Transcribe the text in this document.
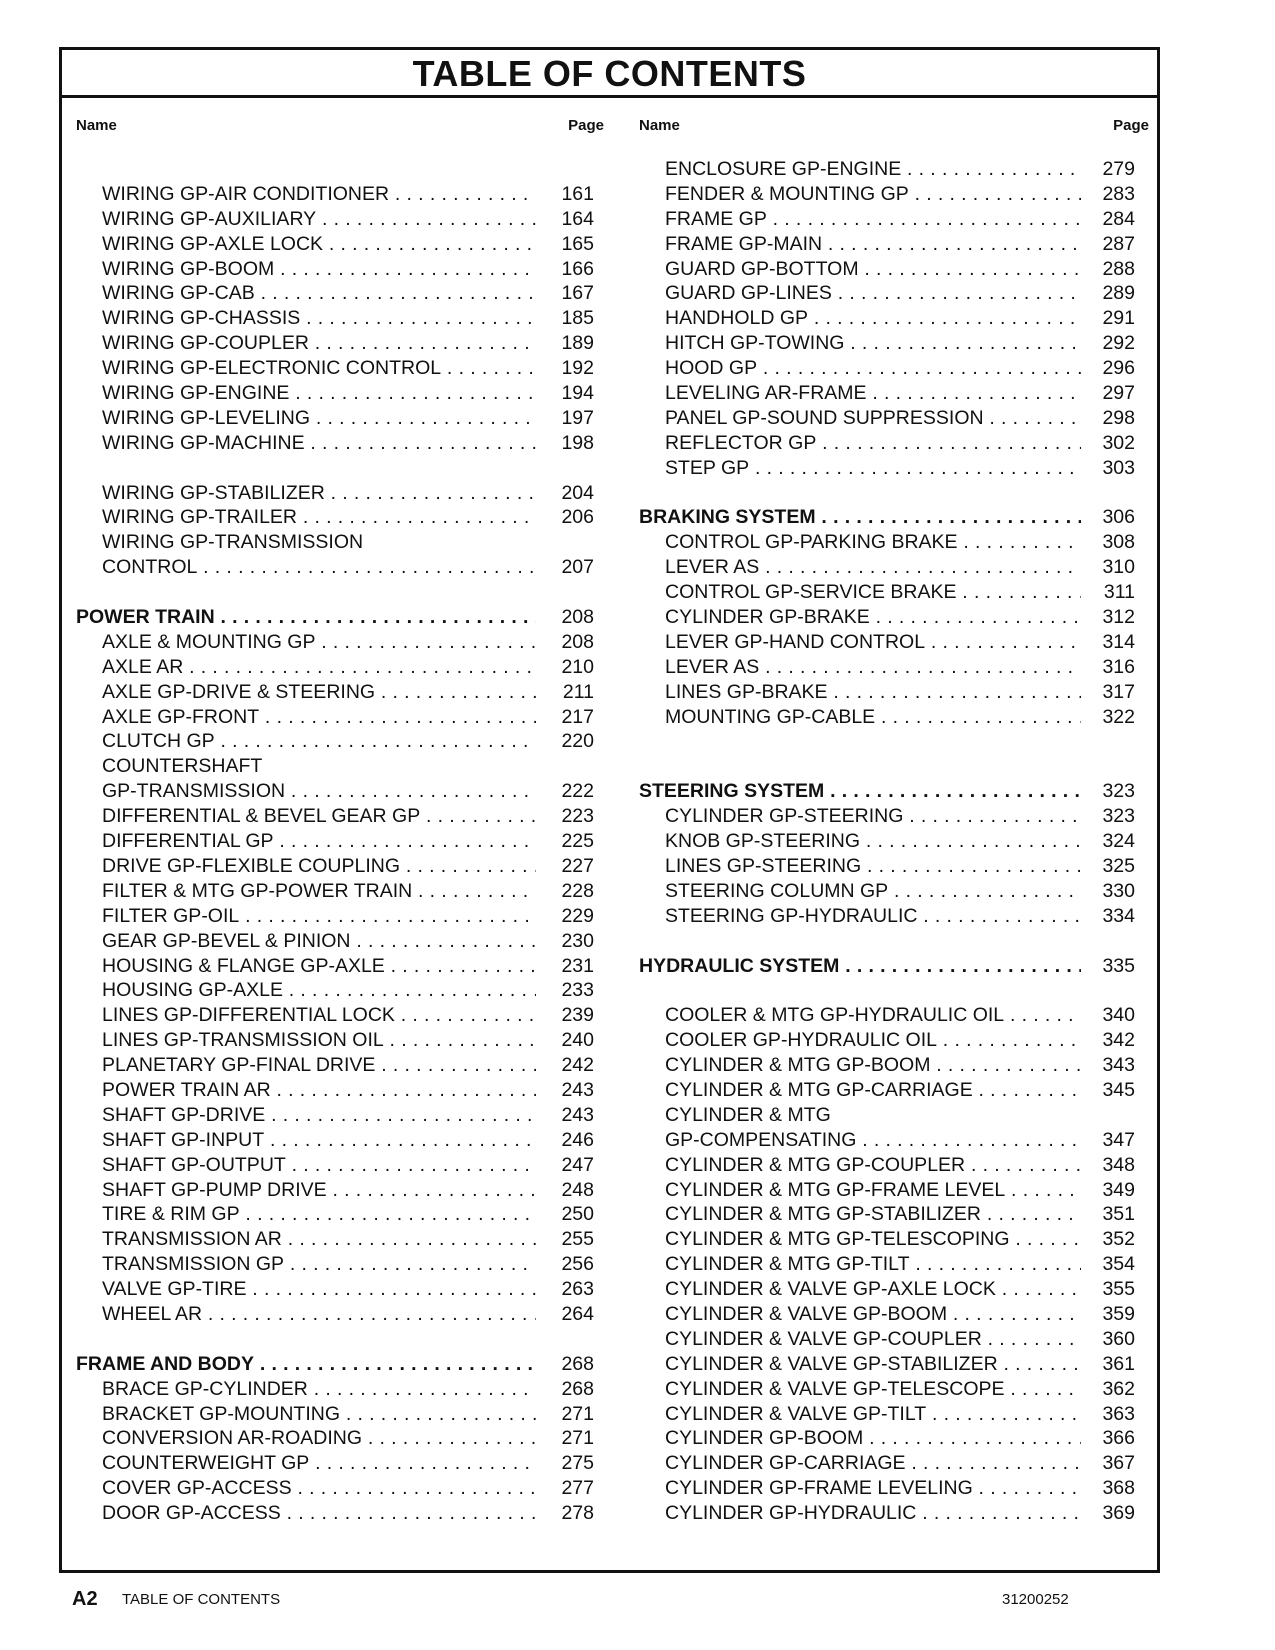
TABLE OF CONTENTS
Name	Page
WIRING GP-AIR CONDITIONER . . .	161
WIRING GP-AUXILIARY . . .	164
WIRING GP-AXLE LOCK . . .	165
WIRING GP-BOOM . . .	166
WIRING GP-CAB . . .	167
WIRING GP-CHASSIS . . .	185
WIRING GP-COUPLER . . .	189
WIRING GP-ELECTRONIC CONTROL . . .	192
WIRING GP-ENGINE . . .	194
WIRING GP-LEVELING . . .	197
WIRING GP-MACHINE . . .	198
WIRING GP-STABILIZER . . .	204
WIRING GP-TRAILER . . .	206
WIRING GP-TRANSMISSION
CONTROL . . .	207
POWER TRAIN . . .	208
AXLE & MOUNTING GP . . .	208
AXLE AR . . .	210
AXLE GP-DRIVE & STEERING . . .	211
AXLE GP-FRONT . . .	217
CLUTCH GP . . .	220
COUNTERSHAFT
GP-TRANSMISSION . . .	222
DIFFERENTIAL & BEVEL GEAR GP . . .	223
DIFFERENTIAL GP . . .	225
DRIVE GP-FLEXIBLE COUPLING . . .	227
FILTER & MTG GP-POWER TRAIN . . .	228
FILTER GP-OIL . . .	229
GEAR GP-BEVEL & PINION . . .	230
HOUSING & FLANGE GP-AXLE . . .	231
HOUSING GP-AXLE . . .	233
LINES GP-DIFFERENTIAL LOCK . . .	239
LINES GP-TRANSMISSION OIL . . .	240
PLANETARY GP-FINAL DRIVE . . .	242
POWER TRAIN AR . . .	243
SHAFT GP-DRIVE . . .	243
SHAFT GP-INPUT . . .	246
SHAFT GP-OUTPUT . . .	247
SHAFT GP-PUMP DRIVE . . .	248
TIRE & RIM GP . . .	250
TRANSMISSION AR . . .	255
TRANSMISSION GP . . .	256
VALVE GP-TIRE . . .	263
WHEEL AR . . .	264
FRAME AND BODY . . .	268
BRACE GP-CYLINDER . . .	268
BRACKET GP-MOUNTING . . .	271
CONVERSION AR-ROADING . . .	271
COUNTERWEIGHT GP . . .	275
COVER GP-ACCESS . . .	277
DOOR GP-ACCESS . . .	278
Name	Page
ENCLOSURE GP-ENGINE . . .	279
FENDER & MOUNTING GP . . .	283
FRAME GP . . .	284
FRAME GP-MAIN . . .	287
GUARD GP-BOTTOM . . .	288
GUARD GP-LINES . . .	289
HANDHOLD GP . . .	291
HITCH GP-TOWING . . .	292
HOOD GP . . .	296
LEVELING AR-FRAME . . .	297
PANEL GP-SOUND SUPPRESSION . . .	298
REFLECTOR GP . . .	302
STEP GP . . .	303
BRAKING SYSTEM . . .	306
CONTROL GP-PARKING BRAKE . . .	308
LEVER AS . . .	310
CONTROL GP-SERVICE BRAKE . . .	311
CYLINDER GP-BRAKE . . .	312
LEVER GP-HAND CONTROL . . .	314
LEVER AS . . .	316
LINES GP-BRAKE . . .	317
MOUNTING GP-CABLE . . .	322
STEERING SYSTEM . . .	323
CYLINDER GP-STEERING . . .	323
KNOB GP-STEERING . . .	324
LINES GP-STEERING . . .	325
STEERING COLUMN GP . . .	330
STEERING GP-HYDRAULIC . . .	334
HYDRAULIC SYSTEM . . .	335
COOLER & MTG GP-HYDRAULIC OIL . . .	340
COOLER GP-HYDRAULIC OIL . . .	342
CYLINDER & MTG GP-BOOM . . .	343
CYLINDER & MTG GP-CARRIAGE . . .	345
CYLINDER & MTG
GP-COMPENSATING . . .	347
CYLINDER & MTG GP-COUPLER . . .	348
CYLINDER & MTG GP-FRAME LEVEL . . .	349
CYLINDER & MTG GP-STABILIZER . . .	351
CYLINDER & MTG GP-TELESCOPING . . .	352
CYLINDER & MTG GP-TILT . . .	354
CYLINDER & VALVE GP-AXLE LOCK . . .	355
CYLINDER & VALVE GP-BOOM . . .	359
CYLINDER & VALVE GP-COUPLER . . .	360
CYLINDER & VALVE GP-STABILIZER . . .	361
CYLINDER & VALVE GP-TELESCOPE . . .	362
CYLINDER & VALVE GP-TILT . . .	363
CYLINDER GP-BOOM . . .	366
CYLINDER GP-CARRIAGE . . .	367
CYLINDER GP-FRAME LEVELING . . .	368
CYLINDER GP-HYDRAULIC . . .	369
A2 TABLE OF CONTENTS	31200252
